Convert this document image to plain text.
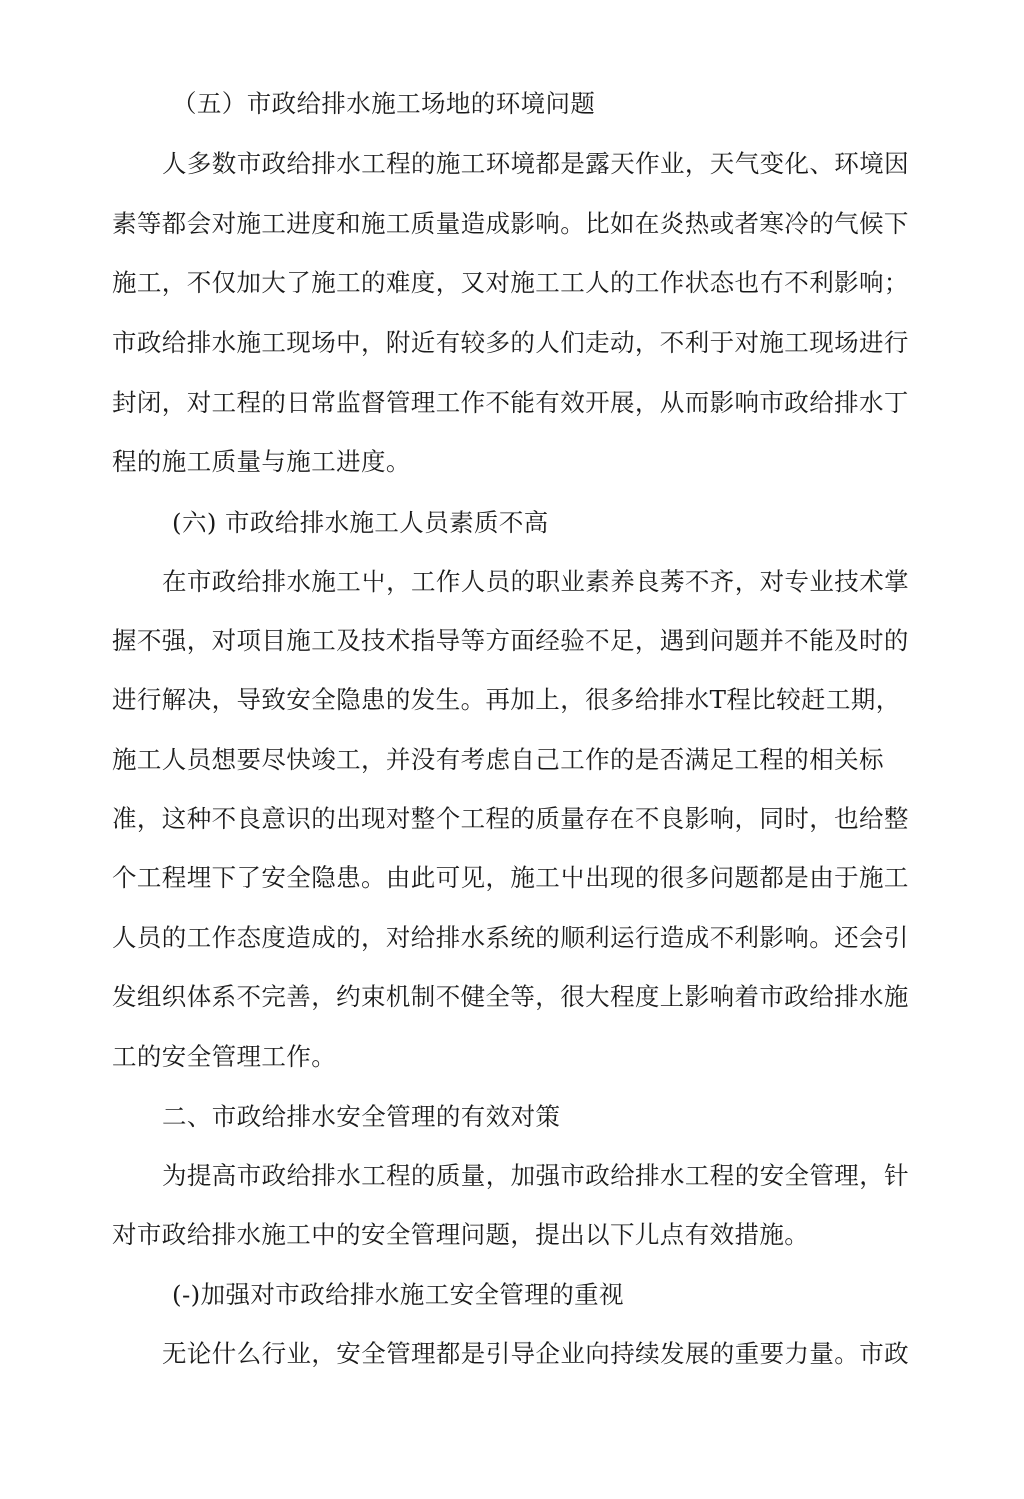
（五）市政给排水施工场地的环境问题
人多数市政给排水工程的施工环境都是露天作业，天气变化、环境因
素等都会对施工进度和施工质量造成影响。比如在炎热或者寒冷的气候下
施工，不仅加大了施工的难度，又对施工工人的工作状态也冇不利影响；
市政给排水施工现场中，附近有较多的人们走动，不利于对施工现场进行
封闭，对工程的日常监督管理工作不能有效开展，从而影响市政给排水丁
程的施工质量与施工进度。
(六) 市政给排水施工人员素质不高
在市政给排水施工屮，工作人员的职业素养良莠不齐，对专业技术掌
握不强，对项目施工及技术指导等方面经验不足，遇到问题并不能及时的
进行解决，导致安全隐患的发生。再加上，很多给排水T程比较赶工期，
施工人员想要尽快竣工，并没有考虑自己工作的是否满足工程的相关标
准，这种不良意识的出现对整个工程的质量存在不良影响，同时，也给整
个工程埋下了安全隐患。由此可见，施工屮出现的很多问题都是由于施工
人员的工作态度造成的，对给排水系统的顺利运行造成不利影响。还会引
发组织体系不完善，约束机制不健全等，很大程度上影响着市政给排水施
工的安全管理工作。
二、市政给排水安全管理的有效对策
为提高市政给排水工程的质量，加强市政给排水工程的安全管理，针
对市政给排水施工中的安全管理问题，提出以下儿点有效措施。
(-)加强对市政给排水施工安全管理的重视
无论什么行业，安全管理都是引导企业向持续发展的重要力量。市政
